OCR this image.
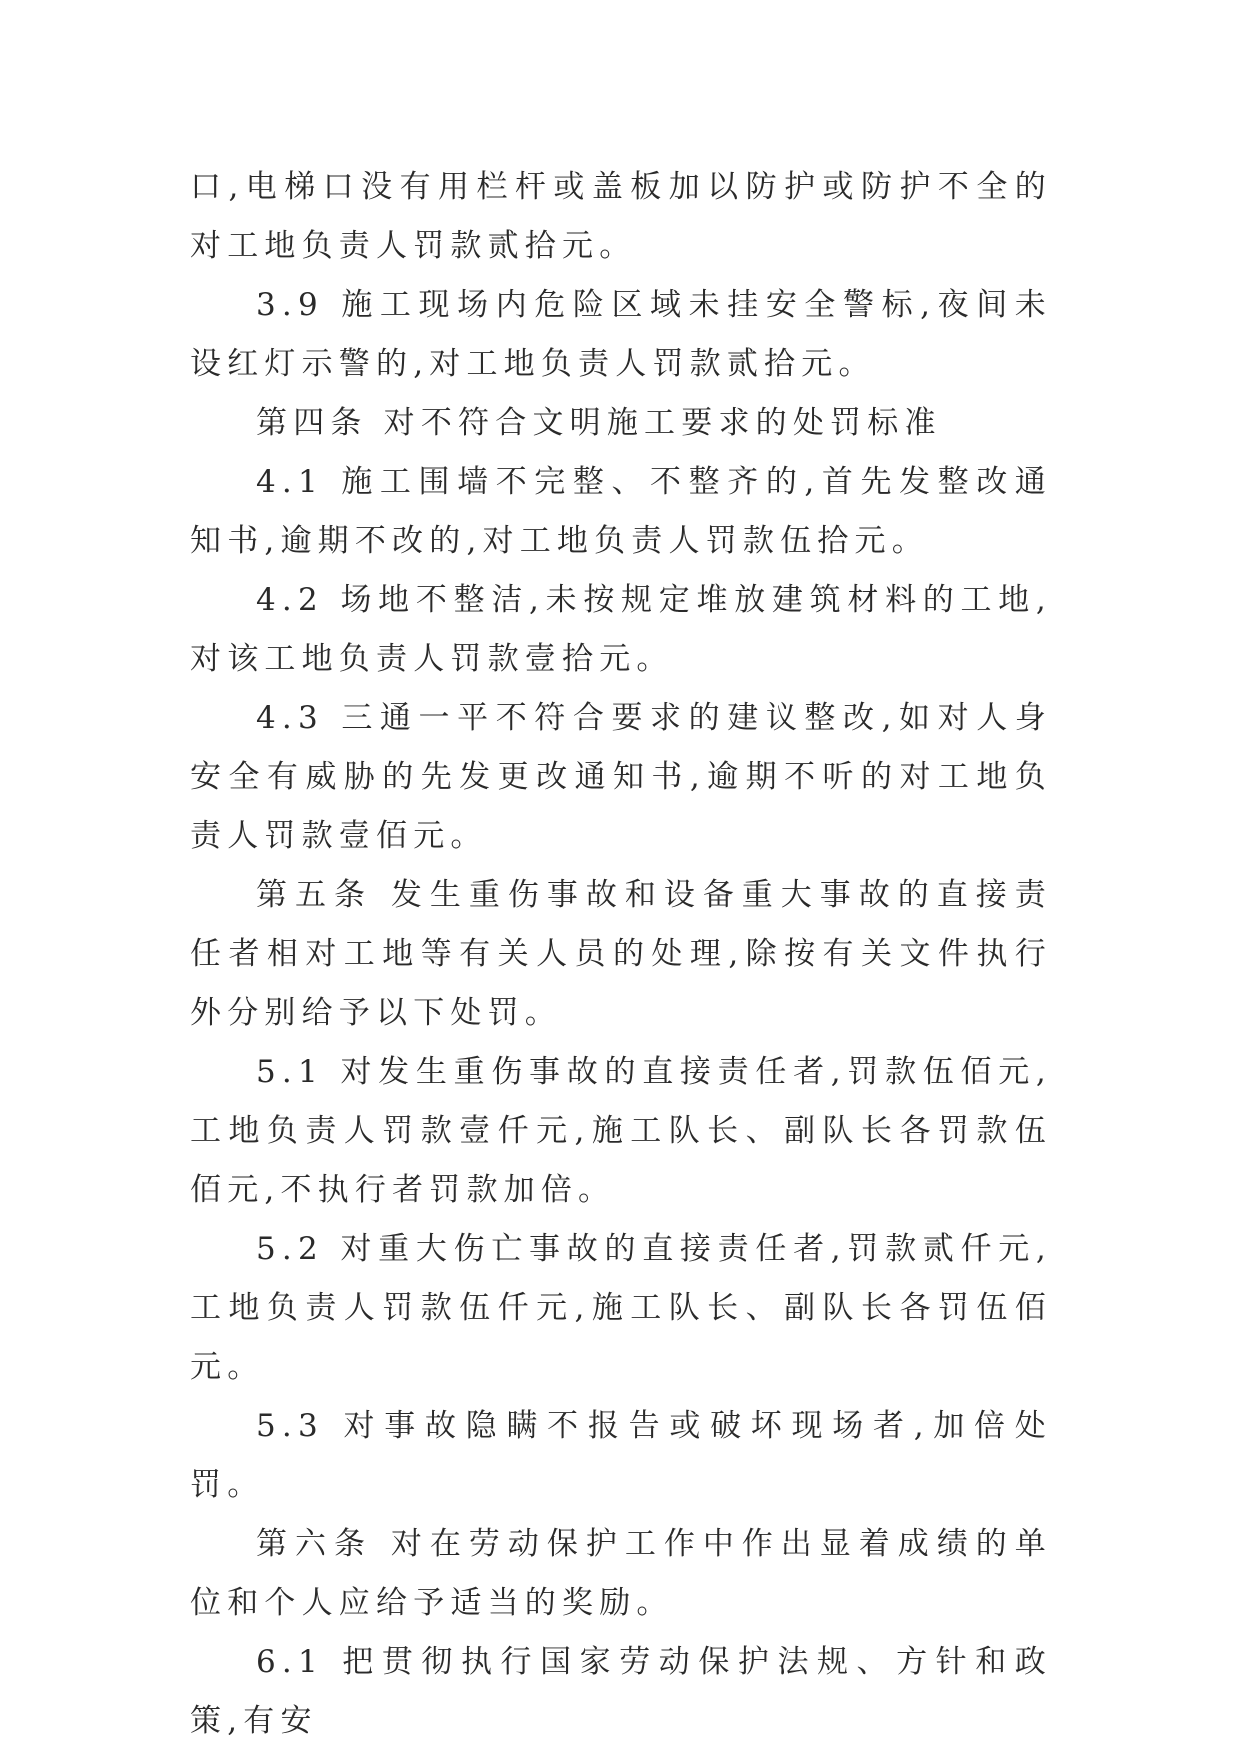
口,电梯口没有用栏杆或盖板加以防护或防护不全的对工地负责人罚款贰拾元。

3.9 施工现场内危险区域未挂安全警标,夜间未设红灯示警的,对工地负责人罚款贰拾元。

第四条 对不符合文明施工要求的处罚标准

4.1 施工围墙不完整、不整齐的,首先发整改通知书,逾期不改的,对工地负责人罚款伍拾元。

4.2 场地不整洁,未按规定堆放建筑材料的工地,对该工地负责人罚款壹拾元。

4.3 三通一平不符合要求的建议整改,如对人身安全有威胁的先发更改通知书,逾期不听的对工地负责人罚款壹佰元。

第五条 发生重伤事故和设备重大事故的直接责任者相对工地等有关人员的处理,除按有关文件执行外分别给予以下处罚。

5.1 对发生重伤事故的直接责任者,罚款伍佰元,工地负责人罚款壹仟元,施工队长、副队长各罚款伍佰元,不执行者罚款加倍。

5.2 对重大伤亡事故的直接责任者,罚款贰仟元,工地负责人罚款伍仟元,施工队长、副队长各罚伍佰元。

5.3 对事故隐瞒不报告或破坏现场者,加倍处罚。

第六条 对在劳动保护工作中作出显着成绩的单位和个人应给予适当的奖励。

6.1 把贯彻执行国家劳动保护法规、方针和政策,有安
